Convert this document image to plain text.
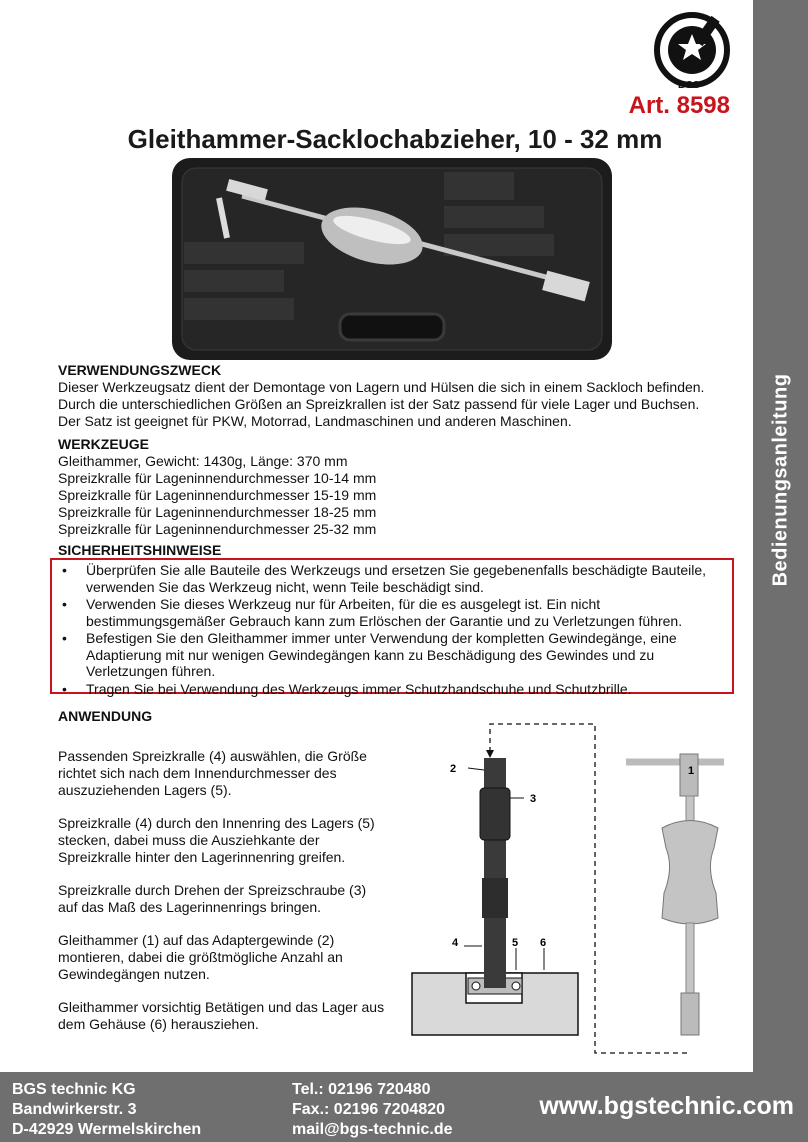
Bedienungsanleitung
BGS
Art. 8598
Gleithammer-Sacklochabzieher, 10 - 32 mm
VERWENDUNGSZWECK
Dieser Werkzeugsatz dient der Demontage von Lagern und Hülsen die sich in einem Sackloch befinden.
Durch die unterschiedlichen Größen an Spreizkrallen ist der Satz passend für viele Lager und Buchsen.
Der Satz ist geeignet für PKW, Motorrad, Landmaschinen und anderen Maschinen.
WERKZEUGE
Gleithammer, Gewicht: 1430g, Länge: 370 mm
Spreizkralle für Lageninnendurchmesser 10-14 mm
Spreizkralle für Lageninnendurchmesser 15-19 mm
Spreizkralle für Lageninnendurchmesser 18-25 mm
Spreizkralle für Lageninnendurchmesser 25-32 mm
SICHERHEITSHINWEISE
• Überprüfen Sie alle Bauteile des Werkzeugs und ersetzen Sie gegebenenfalls beschädigte Bauteile, verwenden Sie das Werkzeug nicht, wenn Teile beschädigt sind.
• Verwenden Sie dieses Werkzeug nur für Arbeiten, für die es ausgelegt ist. Ein nicht bestimmungsgemäßer Gebrauch kann zum Erlöschen der Garantie und zu Verletzungen führen.
• Befestigen Sie den Gleithammer immer unter Verwendung der kompletten Gewindegänge, eine Adaptierung mit nur wenigen Gewindegängen kann zu Beschädigung des Gewindes und zu Verletzungen führen.
• Tragen Sie bei Verwendung des Werkzeugs immer Schutzhandschuhe und Schutzbrille.
ANWENDUNG

Passenden Spreizkralle (4) auswählen, die Größe richtet sich nach dem Innendurchmesser des auszuziehenden Lagers (5).

Spreizkralle (4) durch den Innenring des Lagers (5) stecken, dabei muss die Ausziehkante der Spreizkralle hinter den Lagerinnenring greifen.

Spreizkralle durch Drehen der Spreizschraube (3) auf das Maß des Lagerinnenrings bringen.

Gleithammer (1) auf das Adaptergewinde (2) montieren, dabei die größtmögliche Anzahl an Gewindegängen nutzen.

Gleithammer vorsichtig Betätigen und das Lager aus dem Gehäuse (6) herausziehen.

2
3
4	5 6
1
BGS technic KG
Bandwirkerstr. 3
D-42929 Wermelskirchen
Tel.: 02196 720480
Fax.: 02196 7204820
mail@bgs-technic.de
www.bgstechnic.com
